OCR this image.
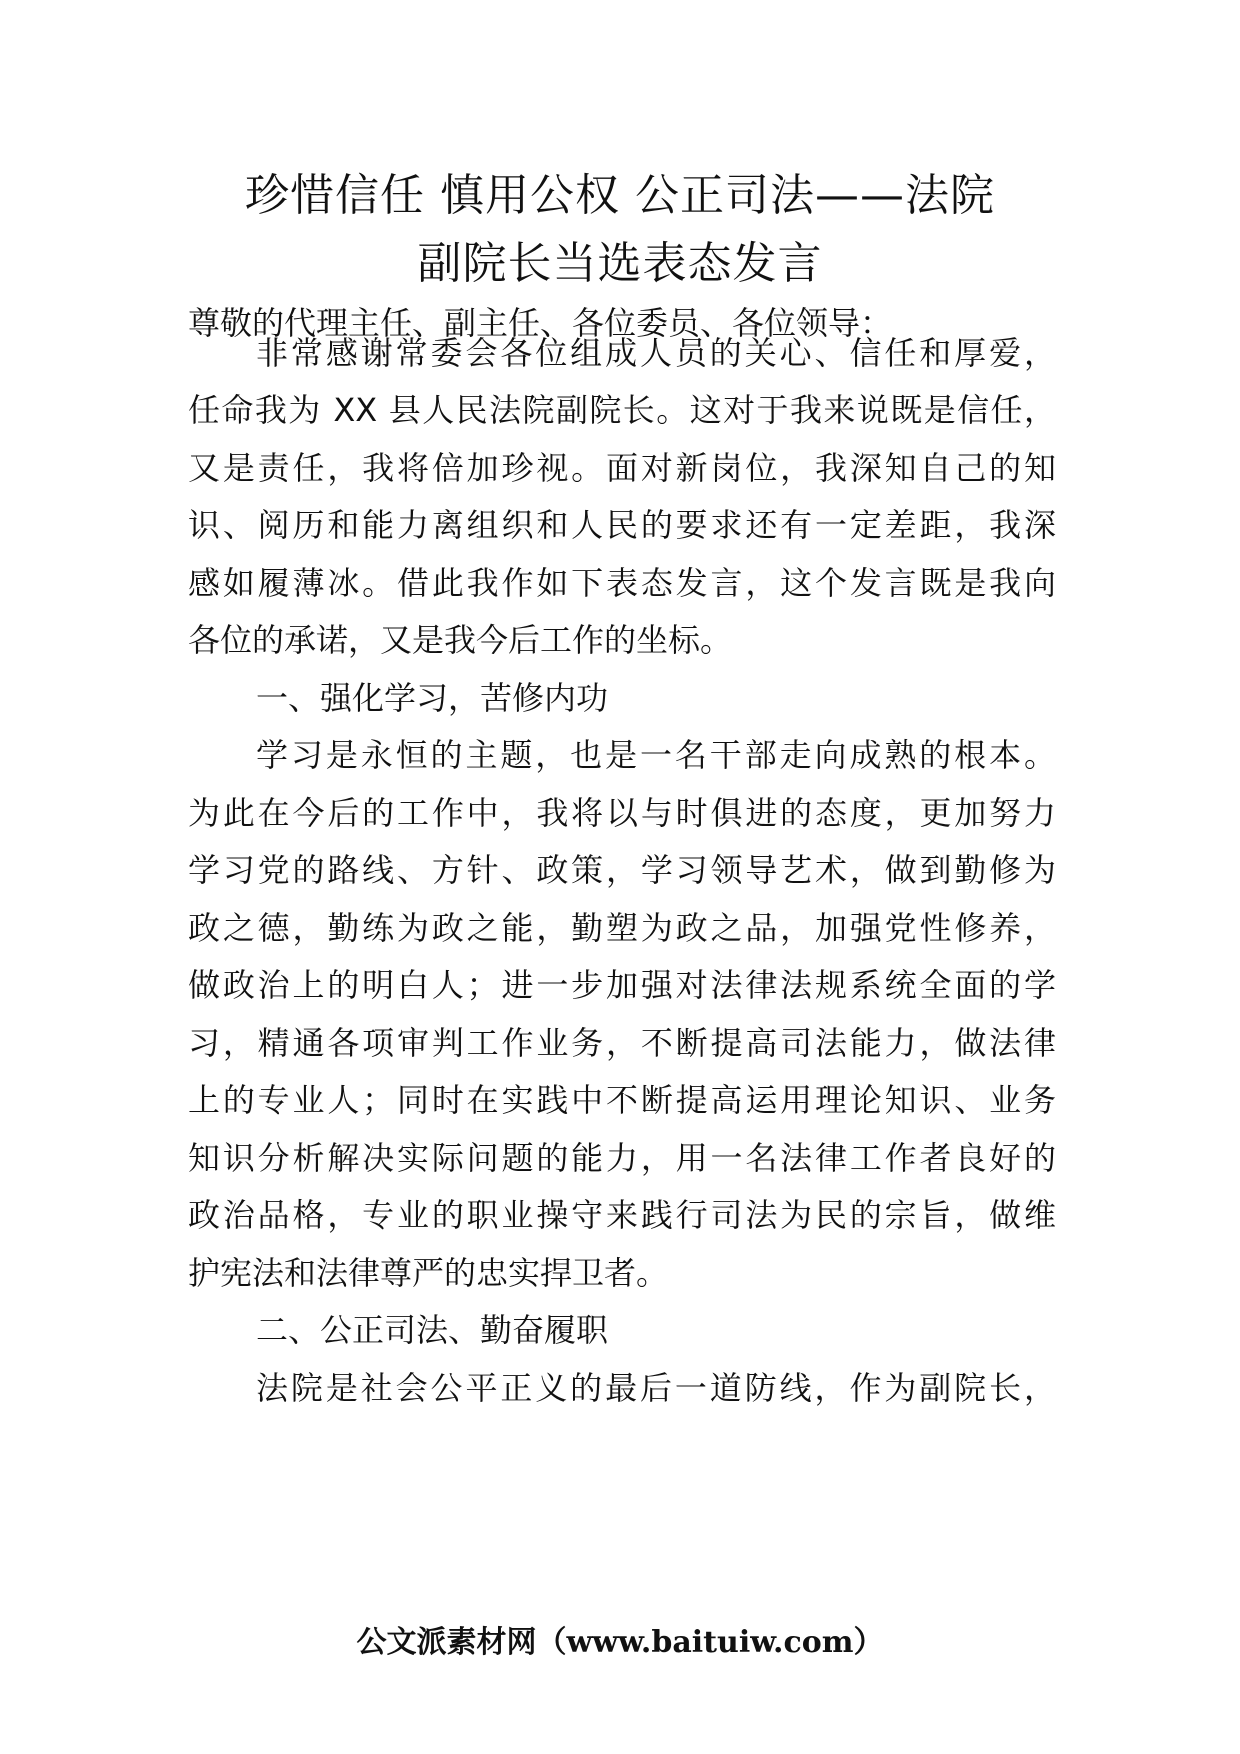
珍惜信任 慎用公权 公正司法——法院
副院长当选表态发言
尊敬的代理主任、副主任、各位委员、各位领导：
非常感谢常委会各位组成人员的关心、信任和厚爱，
任命我为 XX 县人民法院副院长。这对于我来说既是信任，
又是责任，我将倍加珍视。面对新岗位，我深知自己的知
识、阅历和能力离组织和人民的要求还有一定差距，我深
感如履薄冰。借此我作如下表态发言，这个发言既是我向
各位的承诺，又是我今后工作的坐标。
一、强化学习，苦修内功
学习是永恒的主题，也是一名干部走向成熟的根本。
为此在今后的工作中，我将以与时俱进的态度，更加努力
学习党的路线、方针、政策，学习领导艺术，做到勤修为
政之德，勤练为政之能，勤塑为政之品，加强党性修养，
做政治上的明白人；进一步加强对法律法规系统全面的学
习，精通各项审判工作业务，不断提高司法能力，做法律
上的专业人；同时在实践中不断提高运用理论知识、业务
知识分析解决实际问题的能力，用一名法律工作者良好的
政治品格，专业的职业操守来践行司法为民的宗旨，做维
护宪法和法律尊严的忠实捍卫者。
二、公正司法、勤奋履职
法院是社会公平正义的最后一道防线，作为副院长，
公文派素材网（www.baituiw.com）
